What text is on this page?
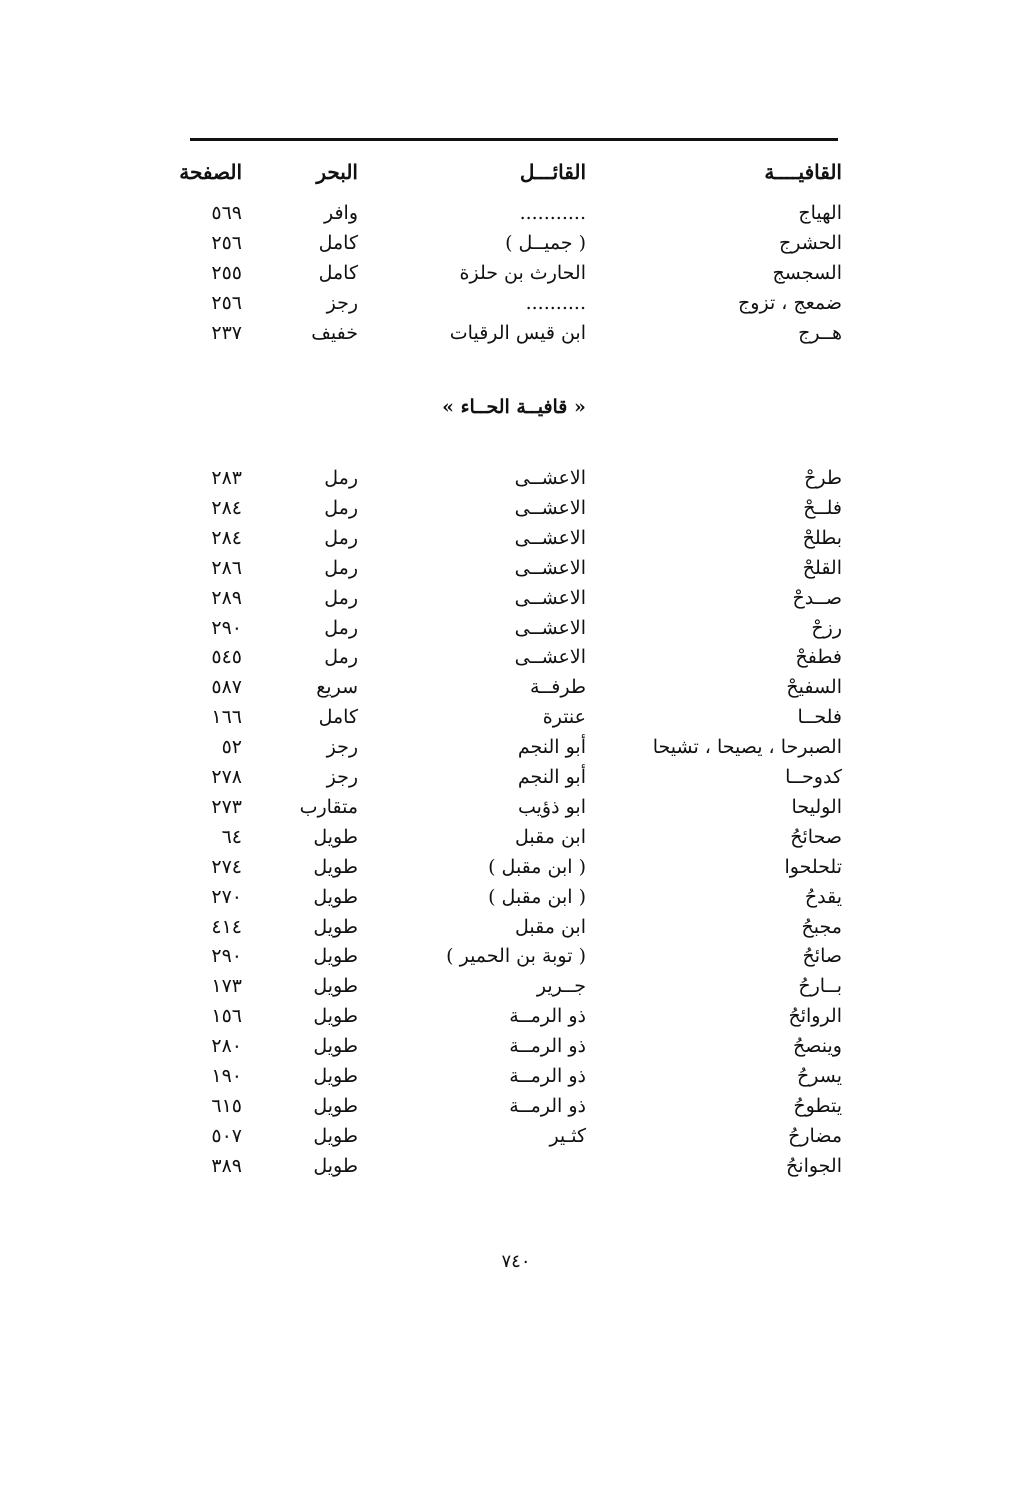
القافيــــة
القائـــل
البحر
الصفحة
الهياج
...........
وافر
٥٦٩
الحشرج
( جميــل )
كامل
٢٥٦
السجسج
الحارث بن حلزة
كامل
٢٥٥
ضمعج ، تزوج
..........
رجز
٢٥٦
هــرج
ابن قيس الرقيات
خفيف
٢٣٧
« قافيــة الحــاء »
طرحْ
الاعشــى
رمل
٢٨٣
فلــحْ
الاعشــى
رمل
٢٨٤
بطلحْ
الاعشــى
رمل
٢٨٤
القلحْ
الاعشــى
رمل
٢٨٦
صــدحْ
الاعشــى
رمل
٢٨٩
رزحْ
الاعشــى
رمل
٢٩٠
فطفحْ
الاعشــى
رمل
٥٤٥
السفيحْ
طرفــة
سريع
٥٨٧
فلحــا
عنترة
كامل
١٦٦
الصبرحا ، يصيحا ، تشيحا
أبو النجم
رجز
٥٢
كدوحــا
أبو النجم
رجز
٢٧٨
الوليحا
ابو ذؤيب
متقارب
٢٧٣
صحائحُ
ابن مقبل
طويل
٦٤
تلحلحوا
( ابن مقبل )
طويل
٢٧٤
يقدحُ
( ابن مقبل )
طويل
٢٧٠
مجبحُ
ابن مقبل
طويل
٤١٤
صائحُ
( توبة بن الحمير )
طويل
٢٩٠
بــارحُ
جــرير
طويل
١٧٣
الروائحُ
ذو الرمــة
طويل
١٥٦
وينصحُ
ذو الرمــة
طويل
٢٨٠
يسرحُ
ذو الرمــة
طويل
١٩٠
يتطوحُ
ذو الرمــة
طويل
٦١٥
مضارحُ
كثـير
طويل
٥٠٧
الجوانحُ
طويل
٣٨٩
٧٤٠
